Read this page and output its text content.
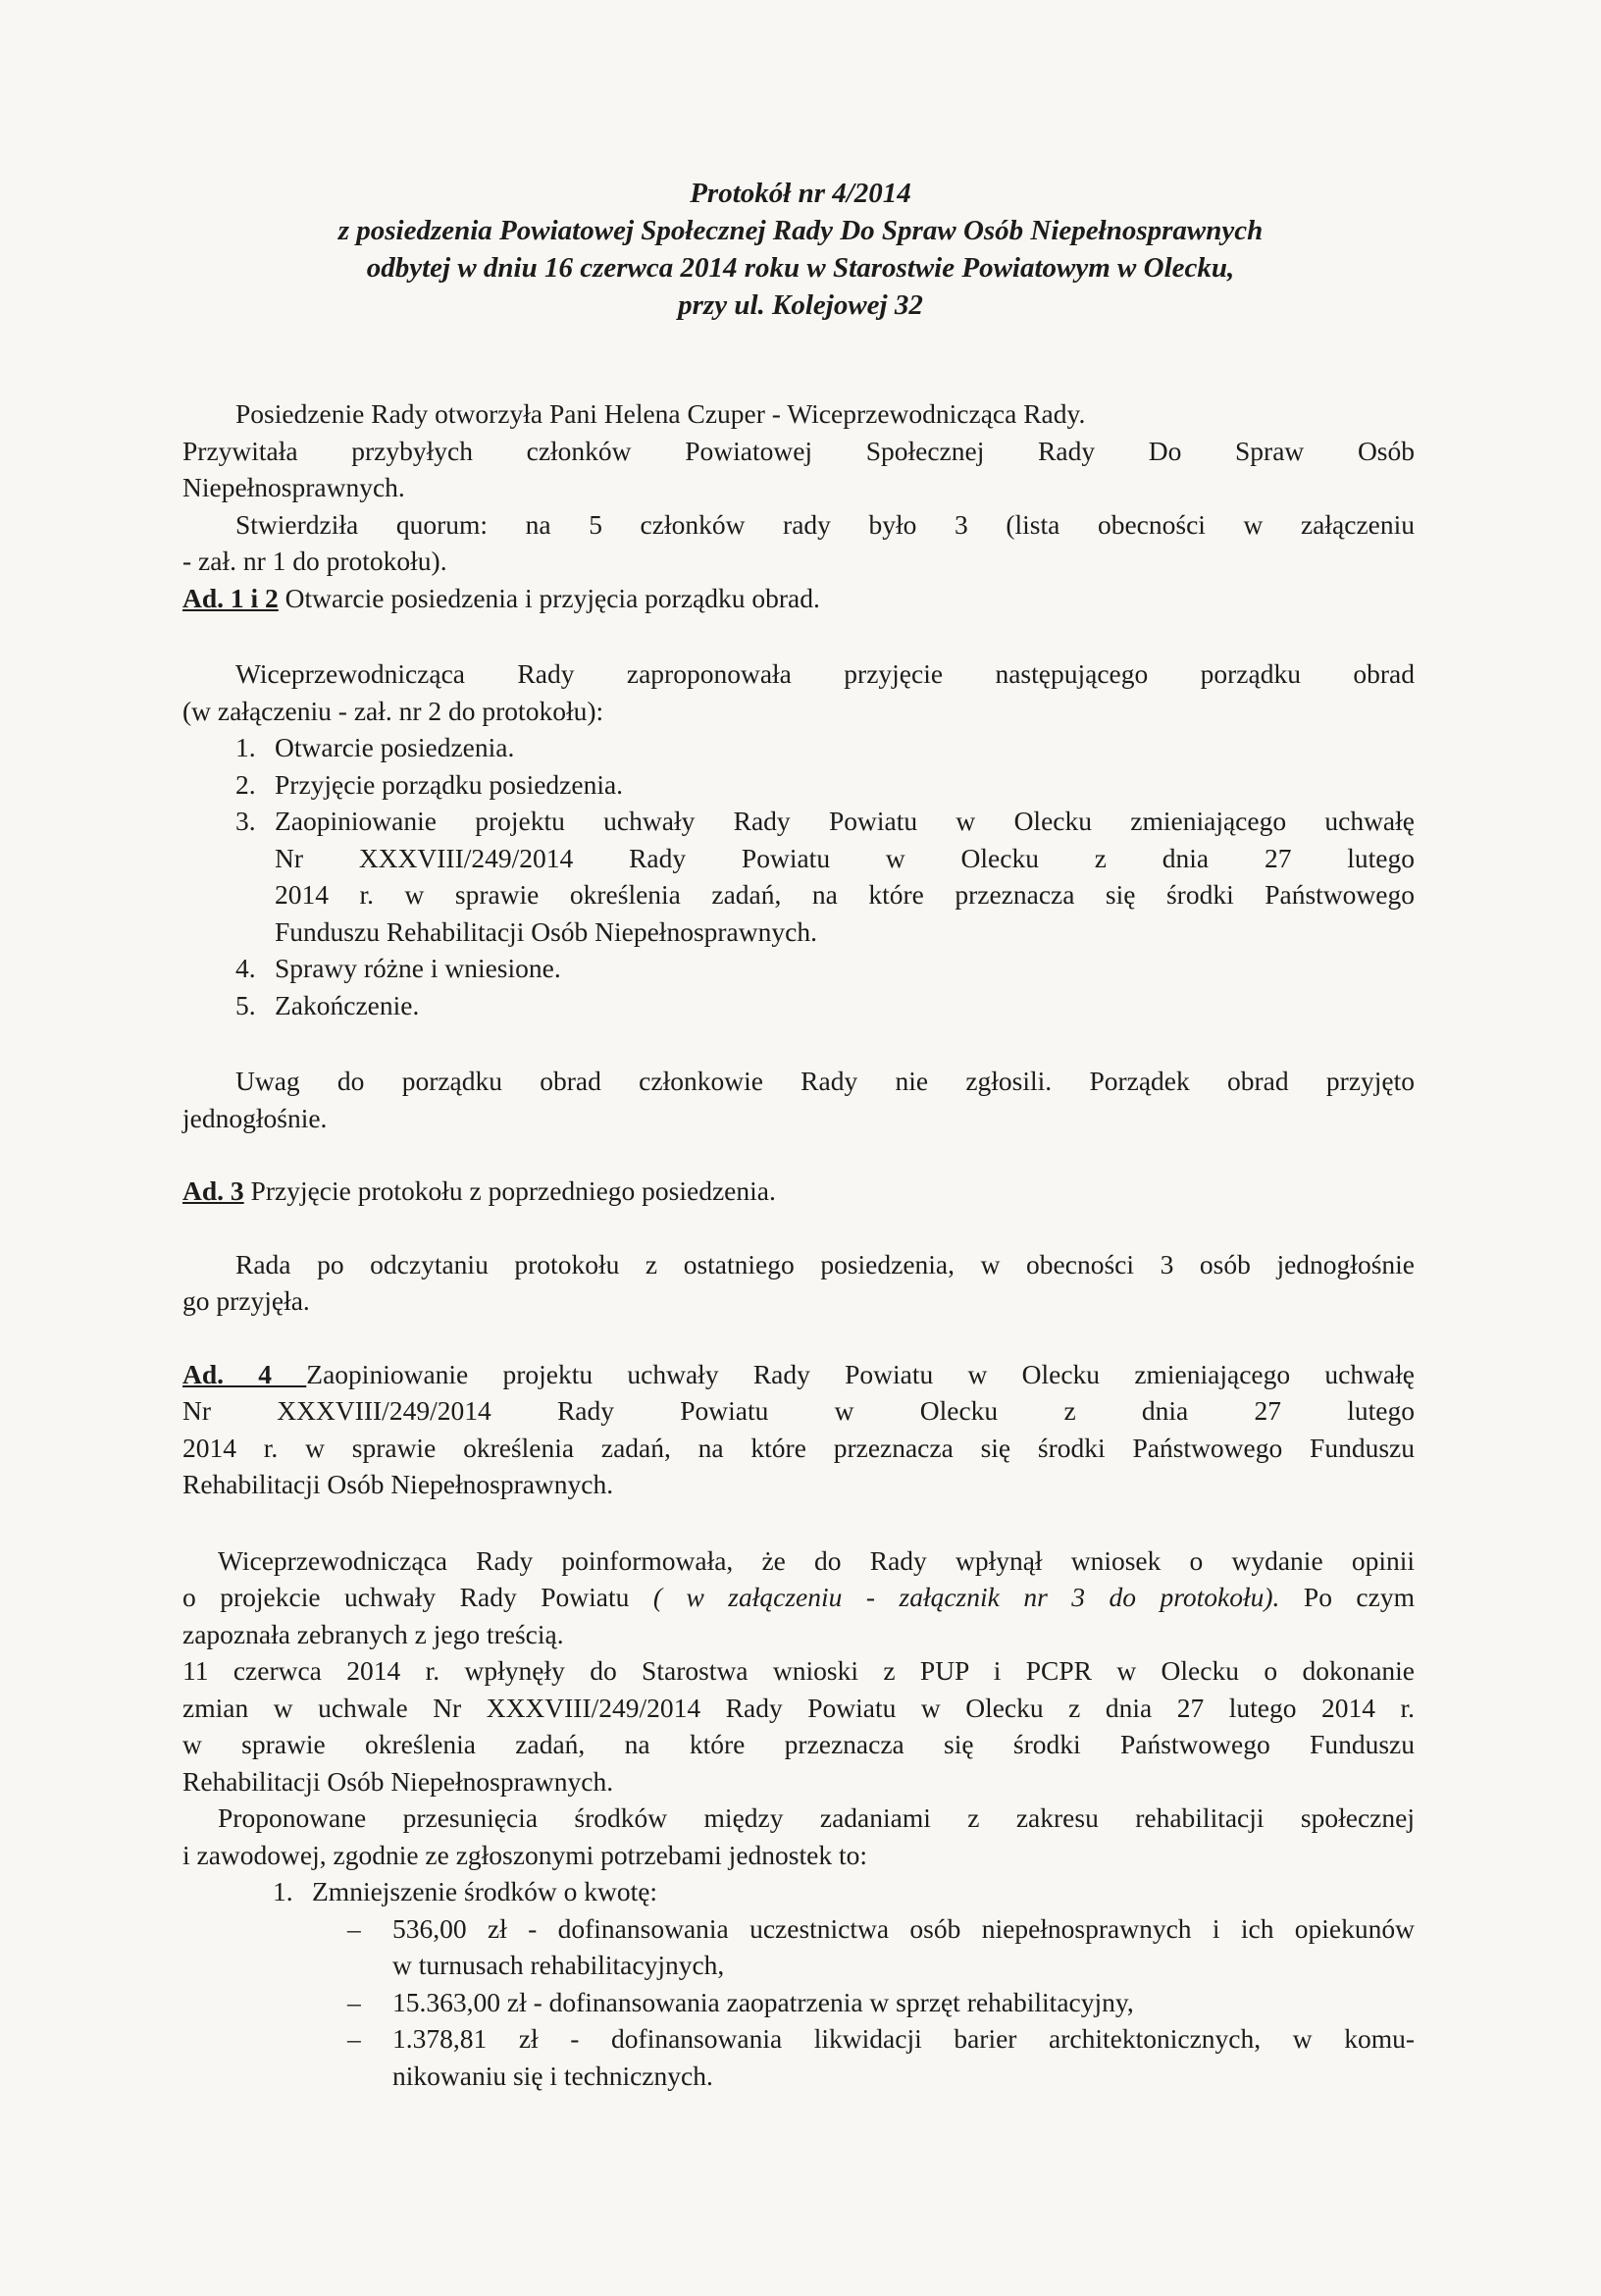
Protokół nr 4/2014
z posiedzenia Powiatowej Społecznej Rady Do Spraw Osób Niepełnosprawnych
odbytej w dniu 16 czerwca 2014 roku w Starostwie Powiatowym w Olecku,
przy ul. Kolejowej 32

Posiedzenie Rady otworzyła Pani Helena Czuper - Wiceprzewodnicząca Rady.

Przywitała przybyłych członków Powiatowej Społecznej Rady Do Spraw Osób

Niepełnosprawnych.

Stwierdziła quorum: na 5 członków rady było 3 (lista obecności w załączeniu

- zał. nr 1 do protokołu).

Ad. 1 i 2 Otwarcie posiedzenia i przyjęcia porządku obrad.

Wiceprzewodnicząca Rady zaproponowała przyjęcie następującego porządku obrad

(w załączeniu - zał. nr 2 do protokołu):

1. Otwarcie posiedzenia.
2. Przyjęcie porządku posiedzenia.
3. Zaopiniowanie projektu uchwały Rady Powiatu w Olecku zmieniającego uchwałę
Nr XXXVIII/249/2014 Rady Powiatu w Olecku z dnia 27 lutego
2014 r. w sprawie określenia zadań, na które przeznacza się środki Państwowego
Funduszu Rehabilitacji Osób Niepełnosprawnych.
4. Sprawy różne i wniesione.
5. Zakończenie.

Uwag do porządku obrad członkowie Rady nie zgłosili. Porządek obrad przyjęto

jednogłośnie.

Ad. 3 Przyjęcie protokołu z poprzedniego posiedzenia.

Rada po odczytaniu protokołu z ostatniego posiedzenia, w obecności 3 osób jednogłośnie

go przyjęła.

Ad. 4 Zaopiniowanie projektu uchwały Rady Powiatu w Olecku zmieniającego uchwałę

Nr XXXVIII/249/2014 Rady Powiatu w Olecku z dnia 27 lutego

2014 r. w sprawie określenia zadań, na które przeznacza się środki Państwowego Funduszu

Rehabilitacji Osób Niepełnosprawnych.

Wiceprzewodnicząca Rady poinformowała, że do Rady wpłynął wniosek o wydanie opinii

o projekcie uchwały Rady Powiatu ( w załączeniu - załącznik nr 3 do protokołu). Po czym

zapoznała zebranych z jego treścią.

11 czerwca 2014 r. wpłynęły do Starostwa wnioski z PUP i PCPR w Olecku o dokonanie

zmian w uchwale Nr XXXVIII/249/2014 Rady Powiatu w Olecku z dnia 27 lutego 2014 r.

w sprawie określenia zadań, na które przeznacza się środki Państwowego Funduszu

Rehabilitacji Osób Niepełnosprawnych.

Proponowane przesunięcia środków między zadaniami z zakresu rehabilitacji społecznej

i zawodowej, zgodnie ze zgłoszonymi potrzebami jednostek to:

1. Zmniejszenie środków o kwotę:
–	536,00 zł - dofinansowania uczestnictwa osób niepełnosprawnych i ich opiekunów
w turnusach rehabilitacyjnych,
–	15.363,00 zł - dofinansowania zaopatrzenia w sprzęt rehabilitacyjny,
–	1.378,81 zł - dofinansowania likwidacji barier architektonicznych, w komu-
nikowaniu się i technicznych.
